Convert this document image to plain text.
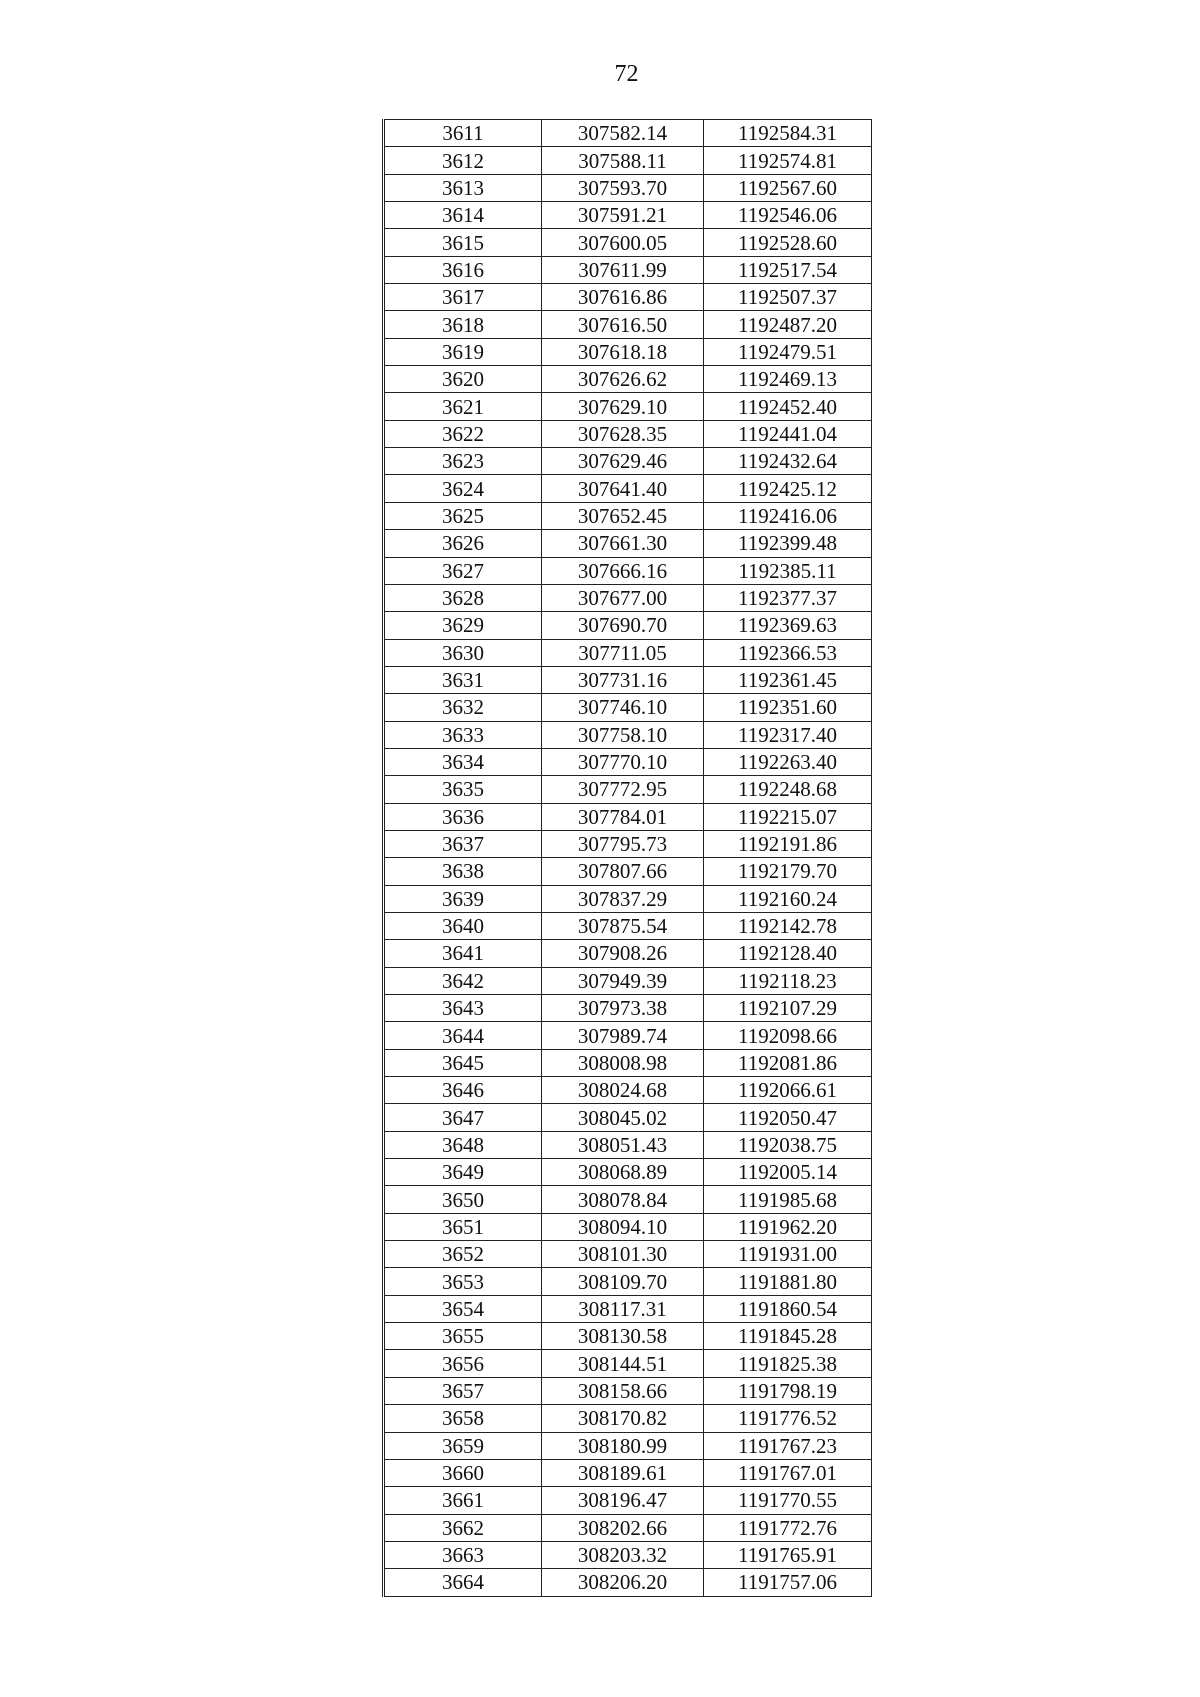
72
3611	307582.14	1192584.31
3612	307588.11	1192574.81
3613	307593.70	1192567.60
3614	307591.21	1192546.06
3615	307600.05	1192528.60
3616	307611.99	1192517.54
3617	307616.86	1192507.37
3618	307616.50	1192487.20
3619	307618.18	1192479.51
3620	307626.62	1192469.13
3621	307629.10	1192452.40
3622	307628.35	1192441.04
3623	307629.46	1192432.64
3624	307641.40	1192425.12
3625	307652.45	1192416.06
3626	307661.30	1192399.48
3627	307666.16	1192385.11
3628	307677.00	1192377.37
3629	307690.70	1192369.63
3630	307711.05	1192366.53
3631	307731.16	1192361.45
3632	307746.10	1192351.60
3633	307758.10	1192317.40
3634	307770.10	1192263.40
3635	307772.95	1192248.68
3636	307784.01	1192215.07
3637	307795.73	1192191.86
3638	307807.66	1192179.70
3639	307837.29	1192160.24
3640	307875.54	1192142.78
3641	307908.26	1192128.40
3642	307949.39	1192118.23
3643	307973.38	1192107.29
3644	307989.74	1192098.66
3645	308008.98	1192081.86
3646	308024.68	1192066.61
3647	308045.02	1192050.47
3648	308051.43	1192038.75
3649	308068.89	1192005.14
3650	308078.84	1191985.68
3651	308094.10	1191962.20
3652	308101.30	1191931.00
3653	308109.70	1191881.80
3654	308117.31	1191860.54
3655	308130.58	1191845.28
3656	308144.51	1191825.38
3657	308158.66	1191798.19
3658	308170.82	1191776.52
3659	308180.99	1191767.23
3660	308189.61	1191767.01
3661	308196.47	1191770.55
3662	308202.66	1191772.76
3663	308203.32	1191765.91
3664	308206.20	1191757.06
